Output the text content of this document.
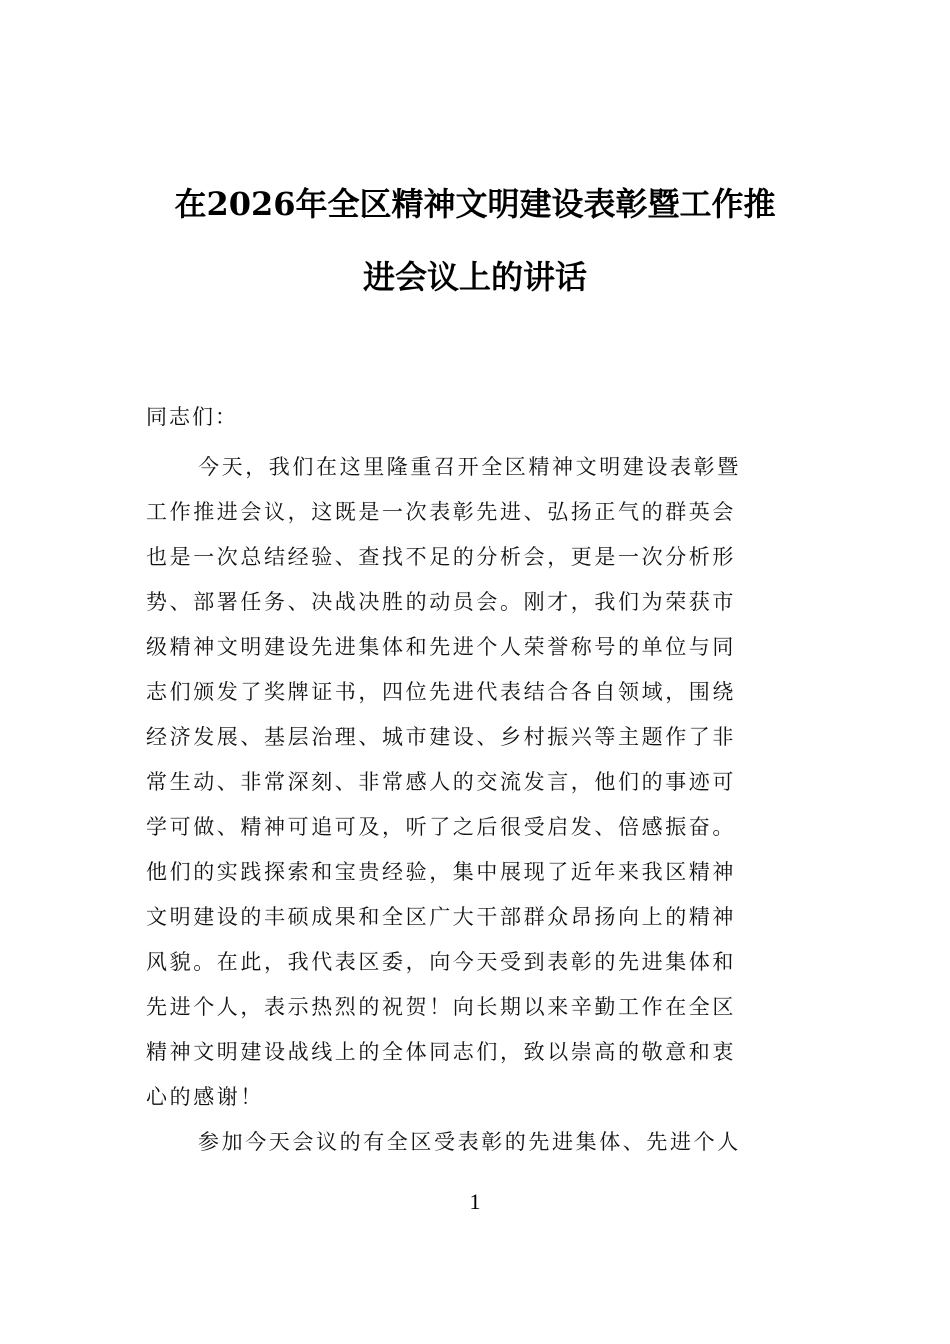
在2026年全区精神文明建设表彰暨工作推
进会议上的讲话
同志们：
今天，我们在这里隆重召开全区精神文明建设表彰暨
工作推进会议，这既是一次表彰先进、弘扬正气的群英会
也是一次总结经验、查找不足的分析会，更是一次分析形
势、部署任务、决战决胜的动员会。刚才，我们为荣获市
级精神文明建设先进集体和先进个人荣誉称号的单位与同
志们颁发了奖牌证书，四位先进代表结合各自领域，围绕
经济发展、基层治理、城市建设、乡村振兴等主题作了非
常生动、非常深刻、非常感人的交流发言，他们的事迹可
学可做、精神可追可及，听了之后很受启发、倍感振奋。
他们的实践探索和宝贵经验，集中展现了近年来我区精神
文明建设的丰硕成果和全区广大干部群众昂扬向上的精神
风貌。在此，我代表区委，向今天受到表彰的先进集体和
先进个人，表示热烈的祝贺！向长期以来辛勤工作在全区
精神文明建设战线上的全体同志们，致以崇高的敬意和衷
心的感谢！
参加今天会议的有全区受表彰的先进集体、先进个人
1
